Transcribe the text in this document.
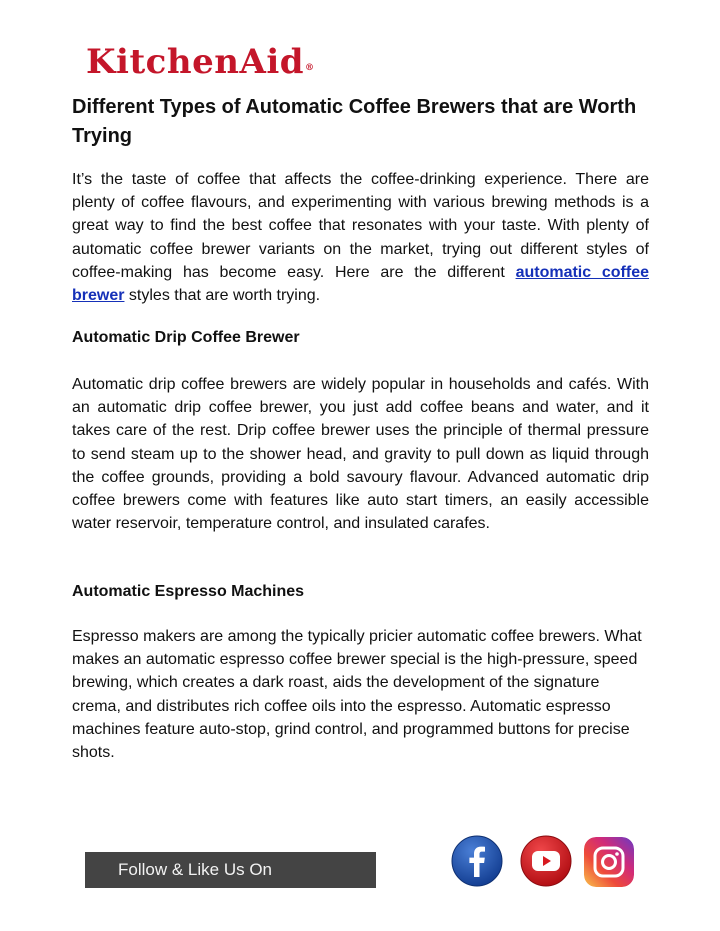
KitchenAid®
Different Types of Automatic Coffee Brewers that are Worth Trying
It’s the taste of coffee that affects the coffee-drinking experience. There are plenty of coffee flavours, and experimenting with various brewing methods is a great way to find the best coffee that resonates with your taste. With plenty of automatic coffee brewer variants on the market, trying out different styles of coffee-making has become easy. Here are the different automatic coffee brewer styles that are worth trying.
Automatic Drip Coffee Brewer
Automatic drip coffee brewers are widely popular in households and cafés. With an automatic drip coffee brewer, you just add coffee beans and water, and it takes care of the rest. Drip coffee brewer uses the principle of thermal pressure to send steam up to the shower head, and gravity to pull down as liquid through the coffee grounds, providing a bold savoury flavour. Advanced automatic drip coffee brewers come with features like auto start timers, an easily accessible water reservoir, temperature control, and insulated carafes.
Automatic Espresso Machines
Espresso makers are among the typically pricier automatic coffee brewers. What makes an automatic espresso coffee brewer special is the high-pressure, speed brewing, which creates a dark roast, aids the development of the signature crema, and distributes rich coffee oils into the espresso. Automatic espresso machines feature auto-stop, grind control, and programmed buttons for precise shots.
Follow & Like Us On
